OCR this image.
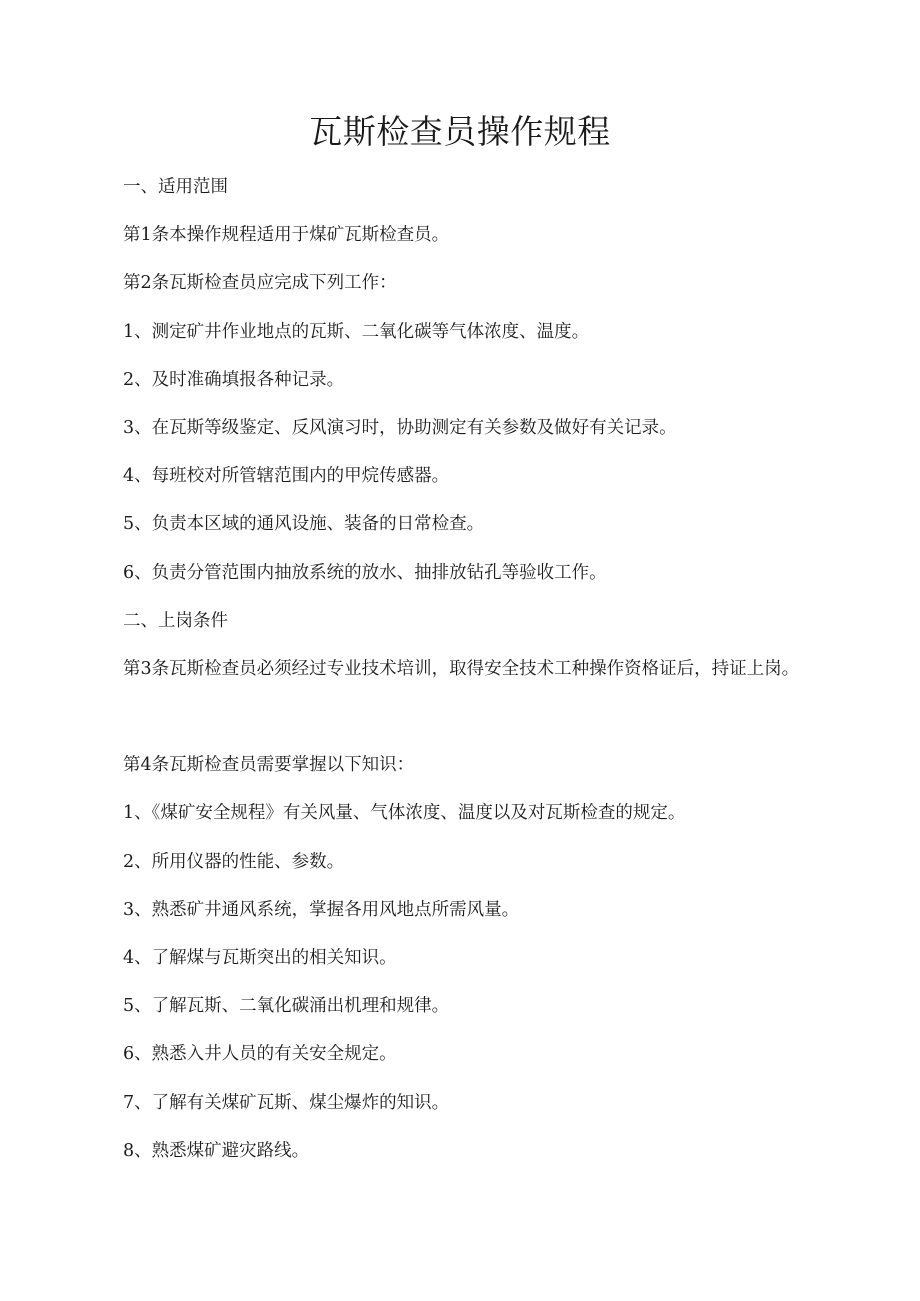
瓦斯检查员操作规程

一、适用范围

第1条本操作规程适用于煤矿瓦斯检查员。

第2条瓦斯检查员应完成下列工作：

1、测定矿井作业地点的瓦斯、二氧化碳等气体浓度、温度。

2、及时准确填报各种记录。

3、在瓦斯等级鉴定、反风演习时，协助测定有关参数及做好有关记录。

4、每班校对所管辖范围内的甲烷传感器。

5、负责本区域的通风设施、装备的日常检查。

6、负责分管范围内抽放系统的放水、抽排放钻孔等验收工作。

二、上岗条件

第3条瓦斯检查员必须经过专业技术培训，取得安全技术工种操作资格证后，持证上岗。

第4条瓦斯检查员需要掌握以下知识：

1、《煤矿安全规程》有关风量、气体浓度、温度以及对瓦斯检查的规定。

2、所用仪器的性能、参数。

3、熟悉矿井通风系统，掌握各用风地点所需风量。

4、了解煤与瓦斯突出的相关知识。

5、了解瓦斯、二氧化碳涌出机理和规律。

6、熟悉入井人员的有关安全规定。

7、了解有关煤矿瓦斯、煤尘爆炸的知识。

8、熟悉煤矿避灾路线。
